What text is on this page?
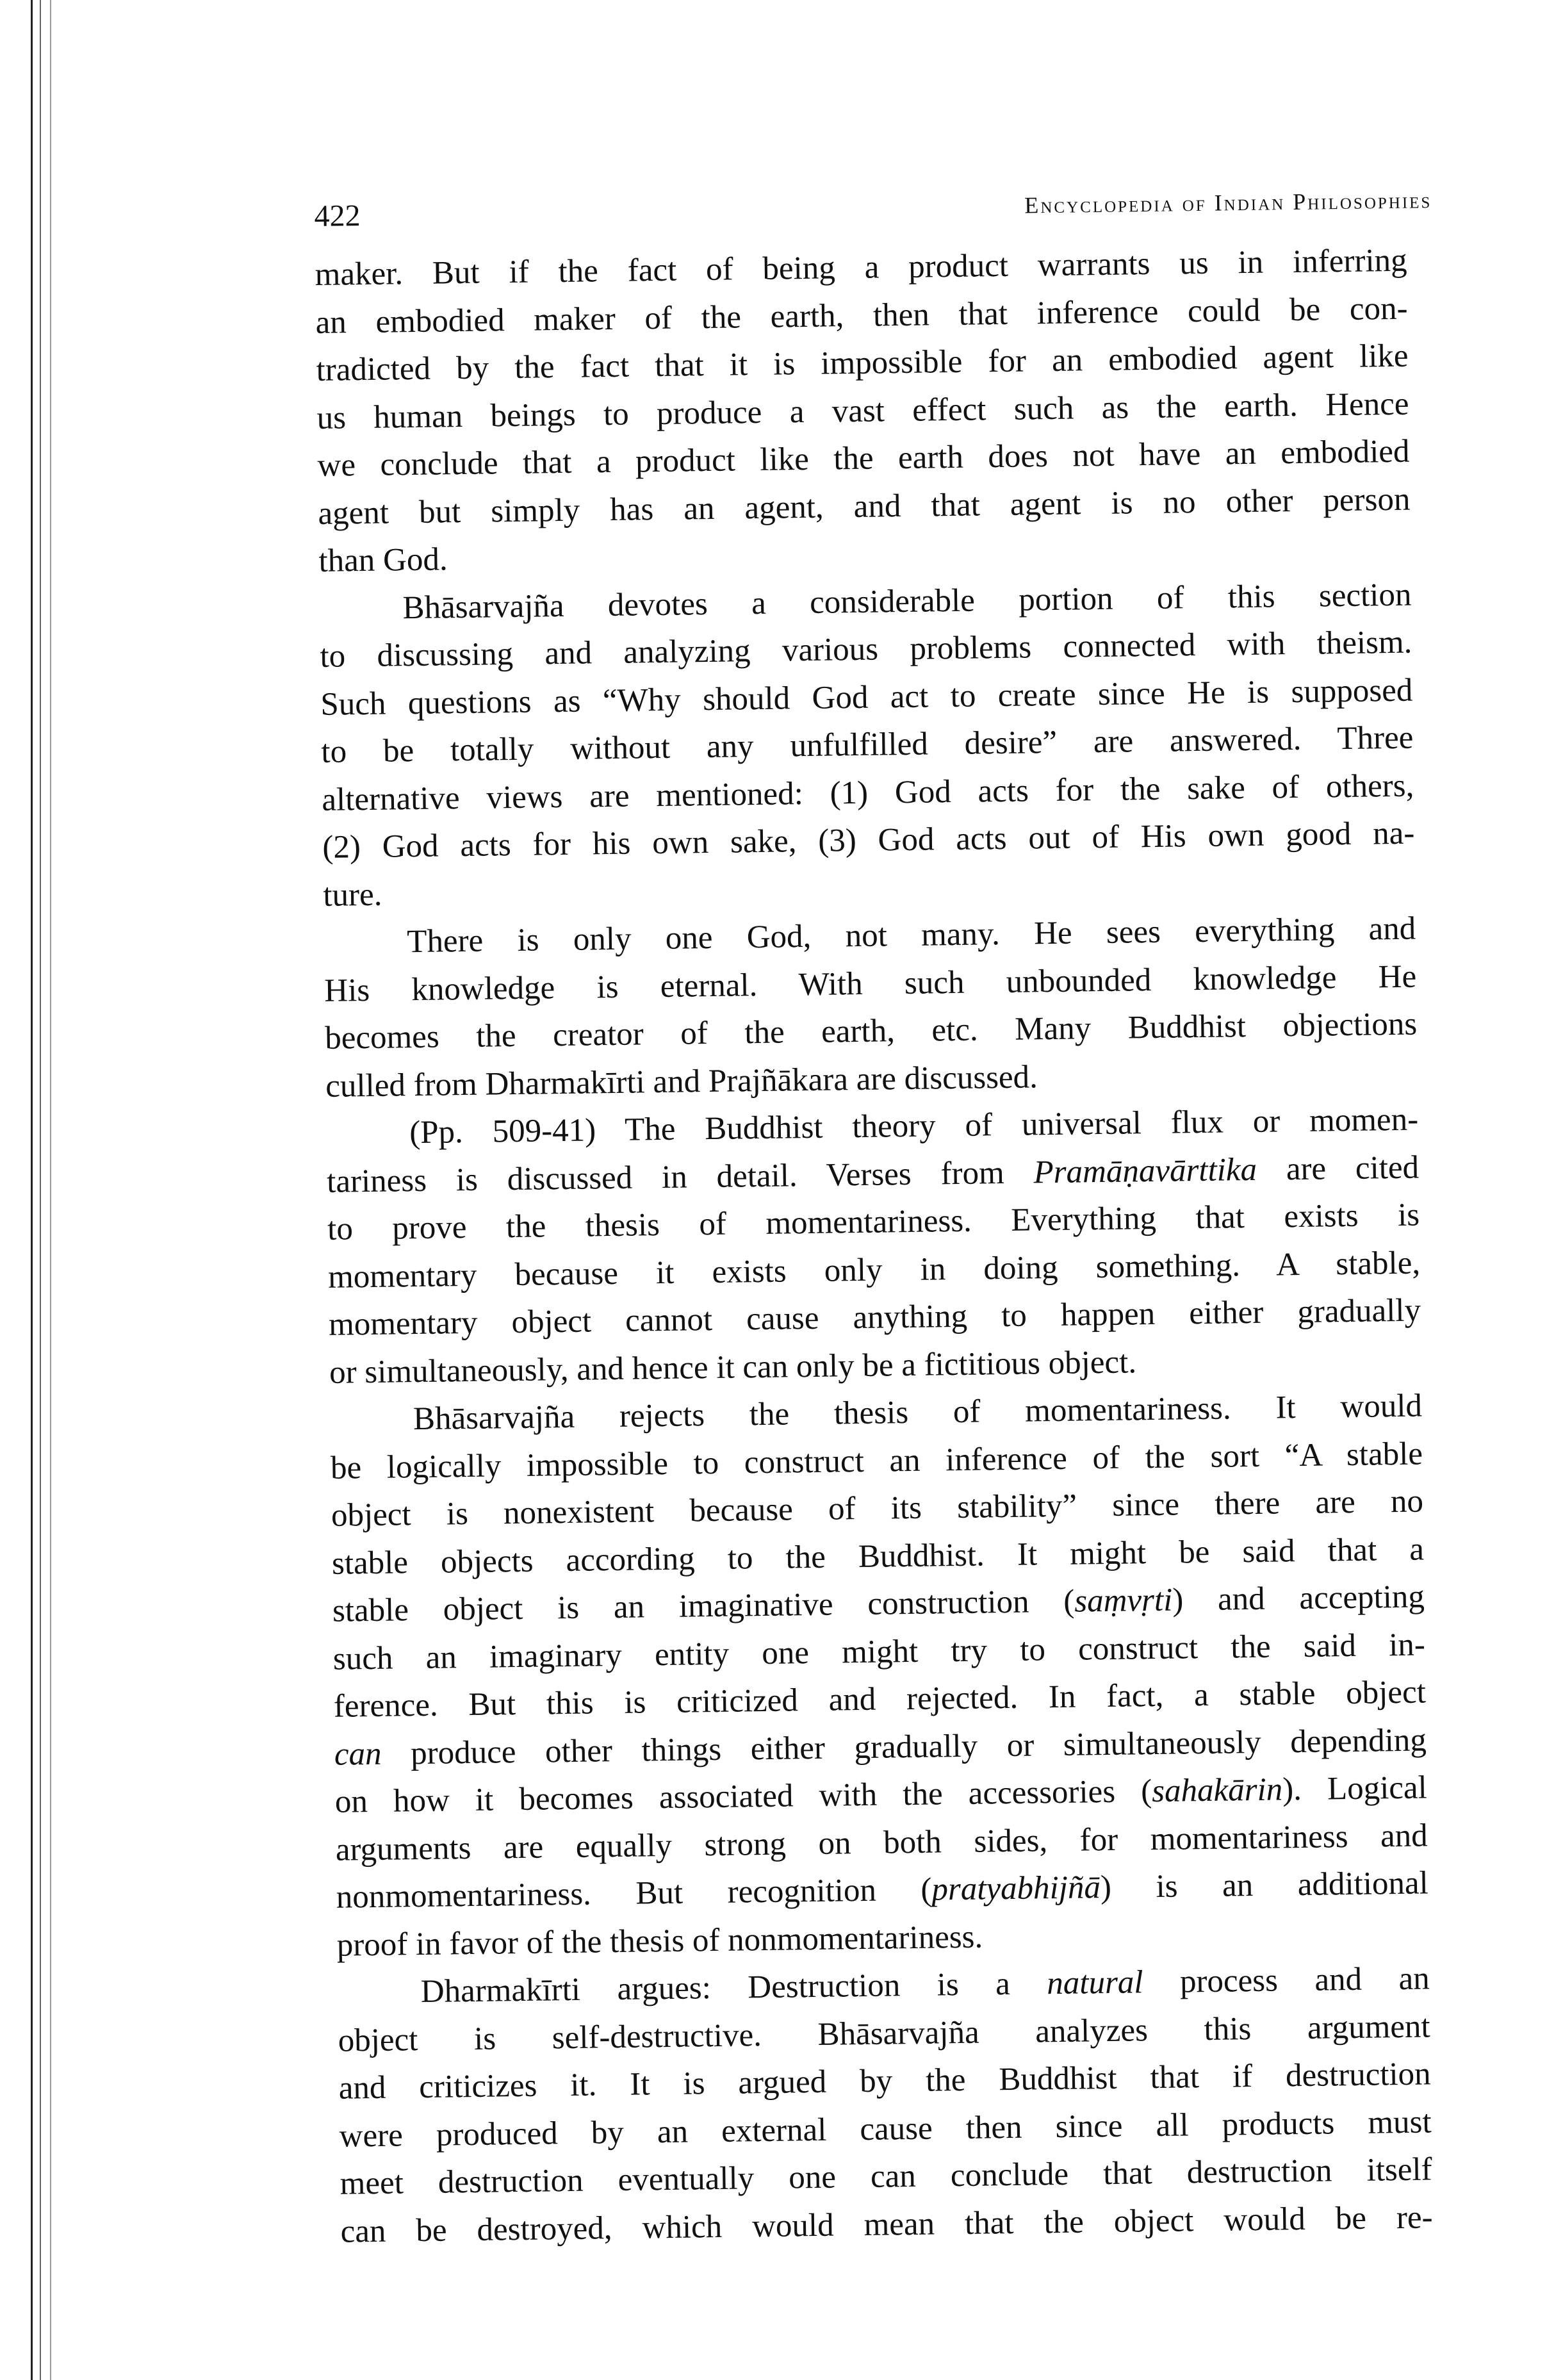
422	Encyclopedia of Indian Philosophies
maker. But if the fact of being a product warrants us in inferring
an embodied maker of the earth, then that inference could be con-
tradicted by the fact that it is impossible for an embodied agent like
us human beings to produce a vast effect such as the earth. Hence
we conclude that a product like the earth does not have an embodied
agent but simply has an agent, and that agent is no other person
than God.
Bhāsarvajña devotes a considerable portion of this section
to discussing and analyzing various problems connected with theism.
Such questions as “Why should God act to create since He is supposed
to be totally without any unfulfilled desire” are answered. Three
alternative views are mentioned: (1) God acts for the sake of others,
(2) God acts for his own sake, (3) God acts out of His own good na-
ture.
There is only one God, not many. He sees everything and
His knowledge is eternal. With such unbounded knowledge He
becomes the creator of the earth, etc. Many Buddhist objections
culled from Dharmakīrti and Prajñākara are discussed.
(Pp. 509-41) The Buddhist theory of universal flux or momen-
tariness is discussed in detail. Verses from Pramāṇavārttika are cited
to prove the thesis of momentariness. Everything that exists is
momentary because it exists only in doing something. A stable,
momentary object cannot cause anything to happen either gradually
or simultaneously, and hence it can only be a fictitious object.
Bhāsarvajña rejects the thesis of momentariness. It would
be logically impossible to construct an inference of the sort “A stable
object is nonexistent because of its stability” since there are no
stable objects according to the Buddhist. It might be said that a
stable object is an imaginative construction (saṃvṛti) and accepting
such an imaginary entity one might try to construct the said in-
ference. But this is criticized and rejected. In fact, a stable object
can produce other things either gradually or simultaneously depending
on how it becomes associated with the accessories (sahakārin). Logical
arguments are equally strong on both sides, for momentariness and
nonmomentariness. But recognition (pratyabhijñā) is an additional
proof in favor of the thesis of nonmomentariness.
Dharmakīrti argues: Destruction is a natural process and an
object is self-destructive. Bhāsarvajña analyzes this argument
and criticizes it. It is argued by the Buddhist that if destruction
were produced by an external cause then since all products must
meet destruction eventually one can conclude that destruction itself
can be destroyed, which would mean that the object would be re-
